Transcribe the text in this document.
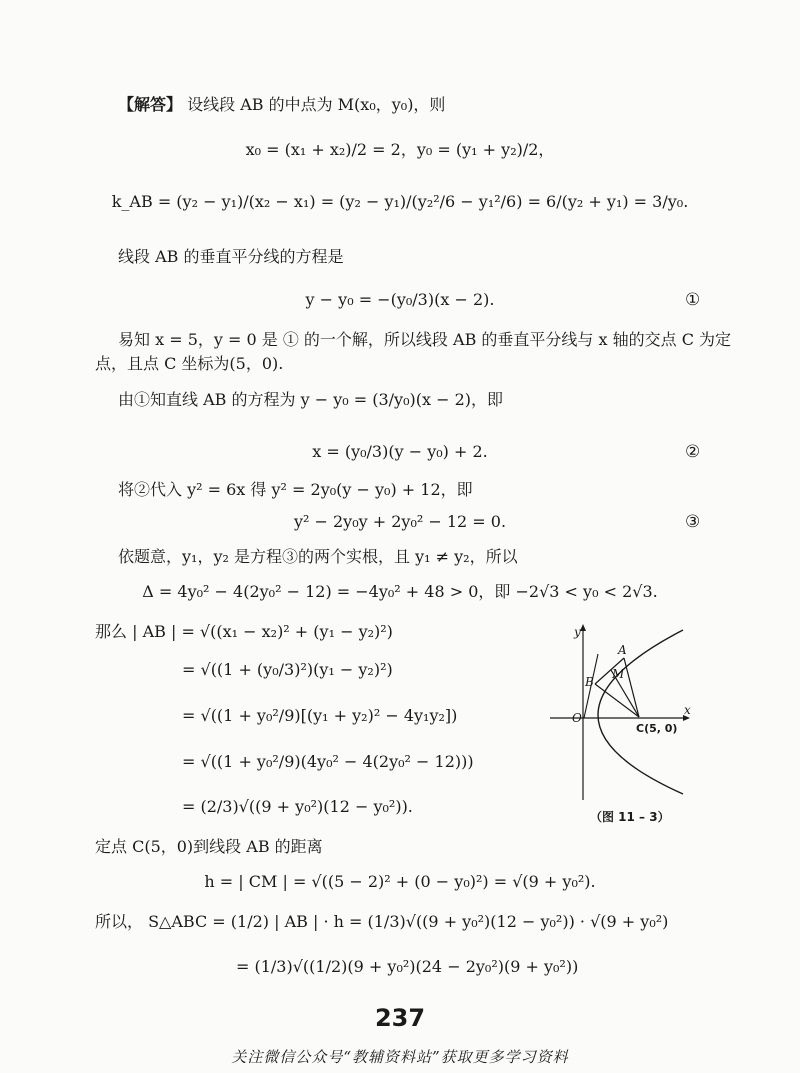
【解答】 设线段 AB 的中点为 M(x₀，y₀)，则
x₀ = (x₁ + x₂)/2 = 2，y₀ = (y₁ + y₂)/2，
k_AB = (y₂ − y₁)/(x₂ − x₁) = (y₂ − y₁)/(y₂²/6 − y₁²/6) = 6/(y₂ + y₁) = 3/y₀.
线段 AB 的垂直平分线的方程是
y − y₀ = −(y₀/3)(x − 2).	①
易知 x = 5，y = 0 是 ① 的一个解，所以线段 AB 的垂直平分线与 x 轴的交点 C 为定
点，且点 C 坐标为(5，0).
由①知直线 AB 的方程为 y − y₀ = (3/y₀)(x − 2)，即
x = (y₀/3)(y − y₀) + 2.	②
将②代入 y² = 6x 得 y² = 2y₀(y − y₀) + 12，即
y² − 2y₀y + 2y₀² − 12 = 0.	③
依题意，y₁，y₂ 是方程③的两个实根，且 y₁ ≠ y₂，所以
Δ = 4y₀² − 4(2y₀² − 12) = −4y₀² + 48 > 0，即 −2√3 < y₀ < 2√3.
那么 | AB | = √((x₁ − x₂)² + (y₁ − y₂)²)
= √((1 + (y₀/3)²)(y₁ − y₂)²)
= √((1 + y₀²/9)[(y₁ + y₂)² − 4y₁y₂])
= √((1 + y₀²/9)(4y₀² − 4(2y₀² − 12)))
= (2/3)√((9 + y₀²)(12 − y₀²)).
定点 C(5，0)到线段 AB 的距离
h = | CM | = √((5 − 2)² + (0 − y₀)²) = √(9 + y₀²).
所以， S△ABC = (1/2) | AB | · h = (1/3)√((9 + y₀²)(12 − y₀²)) · √(9 + y₀²)
= (1/3)√((1/2)(9 + y₀²)(24 − 2y₀²)(9 + y₀²))
y
x
O
A
B
M
C(5, 0)
（图 11 – 3）
237
关注微信公众号“教辅资料站”获取更多学习资料
